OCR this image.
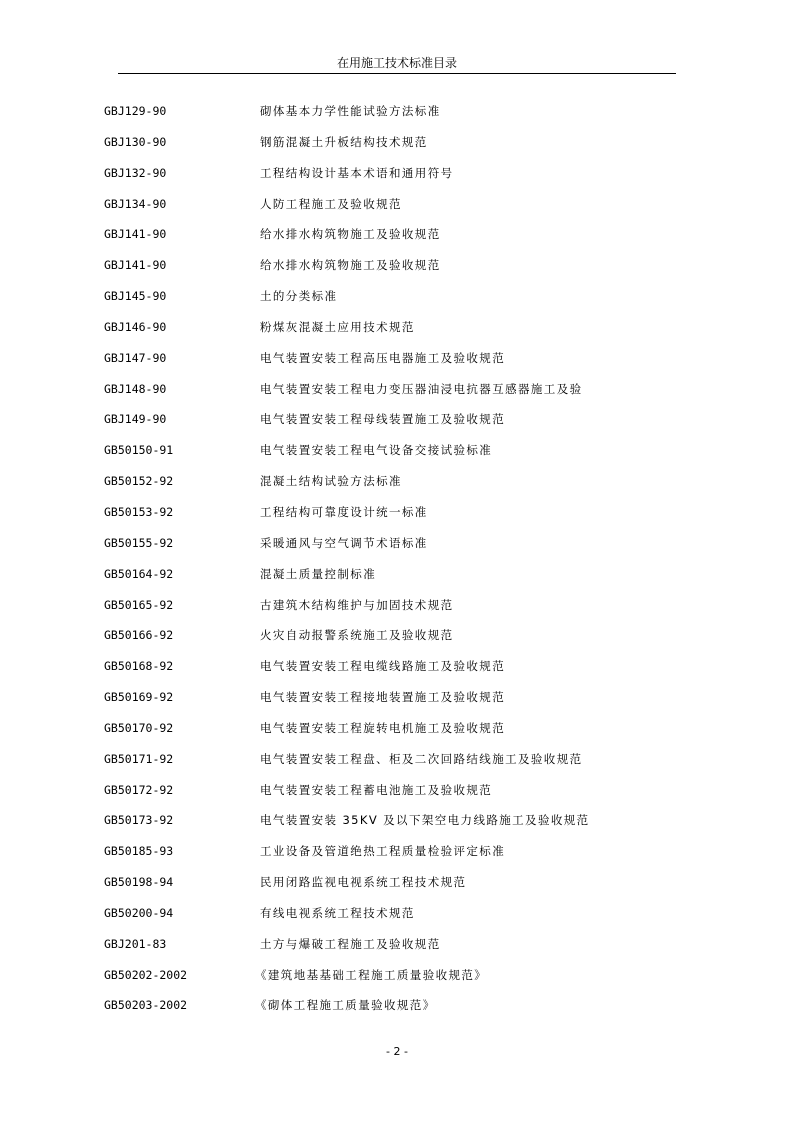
在用施工技术标准目录
GBJ129-90	砌体基本力学性能试验方法标准
GBJ130-90	钢筋混凝土升板结构技术规范
GBJ132-90	工程结构设计基本术语和通用符号
GBJ134-90	人防工程施工及验收规范
GBJ141-90	给水排水构筑物施工及验收规范
GBJ141-90	给水排水构筑物施工及验收规范
GBJ145-90	土的分类标准
GBJ146-90	粉煤灰混凝土应用技术规范
GBJ147-90	电气装置安装工程高压电器施工及验收规范
GBJ148-90	电气装置安装工程电力变压器油浸电抗器互感器施工及验
GBJ149-90	电气装置安装工程母线装置施工及验收规范
GB50150-91	电气装置安装工程电气设备交接试验标准
GB50152-92	混凝土结构试验方法标准
GB50153-92	工程结构可靠度设计统一标准
GB50155-92	采暖通风与空气调节术语标准
GB50164-92	混凝土质量控制标准
GB50165-92	古建筑木结构维护与加固技术规范
GB50166-92	火灾自动报警系统施工及验收规范
GB50168-92	电气装置安装工程电缆线路施工及验收规范
GB50169-92	电气装置安装工程接地装置施工及验收规范
GB50170-92	电气装置安装工程旋转电机施工及验收规范
GB50171-92	电气装置安装工程盘、柜及二次回路结线施工及验收规范
GB50172-92	电气装置安装工程蓄电池施工及验收规范
GB50173-92	电气装置安装 35KV 及以下架空电力线路施工及验收规范
GB50185-93	工业设备及管道绝热工程质量检验评定标准
GB50198-94	民用闭路监视电视系统工程技术规范
GB50200-94	有线电视系统工程技术规范
GBJ201-83	土方与爆破工程施工及验收规范
GB50202-2002	《建筑地基基础工程施工质量验收规范》
GB50203-2002	《砌体工程施工质量验收规范》
- 2 -
